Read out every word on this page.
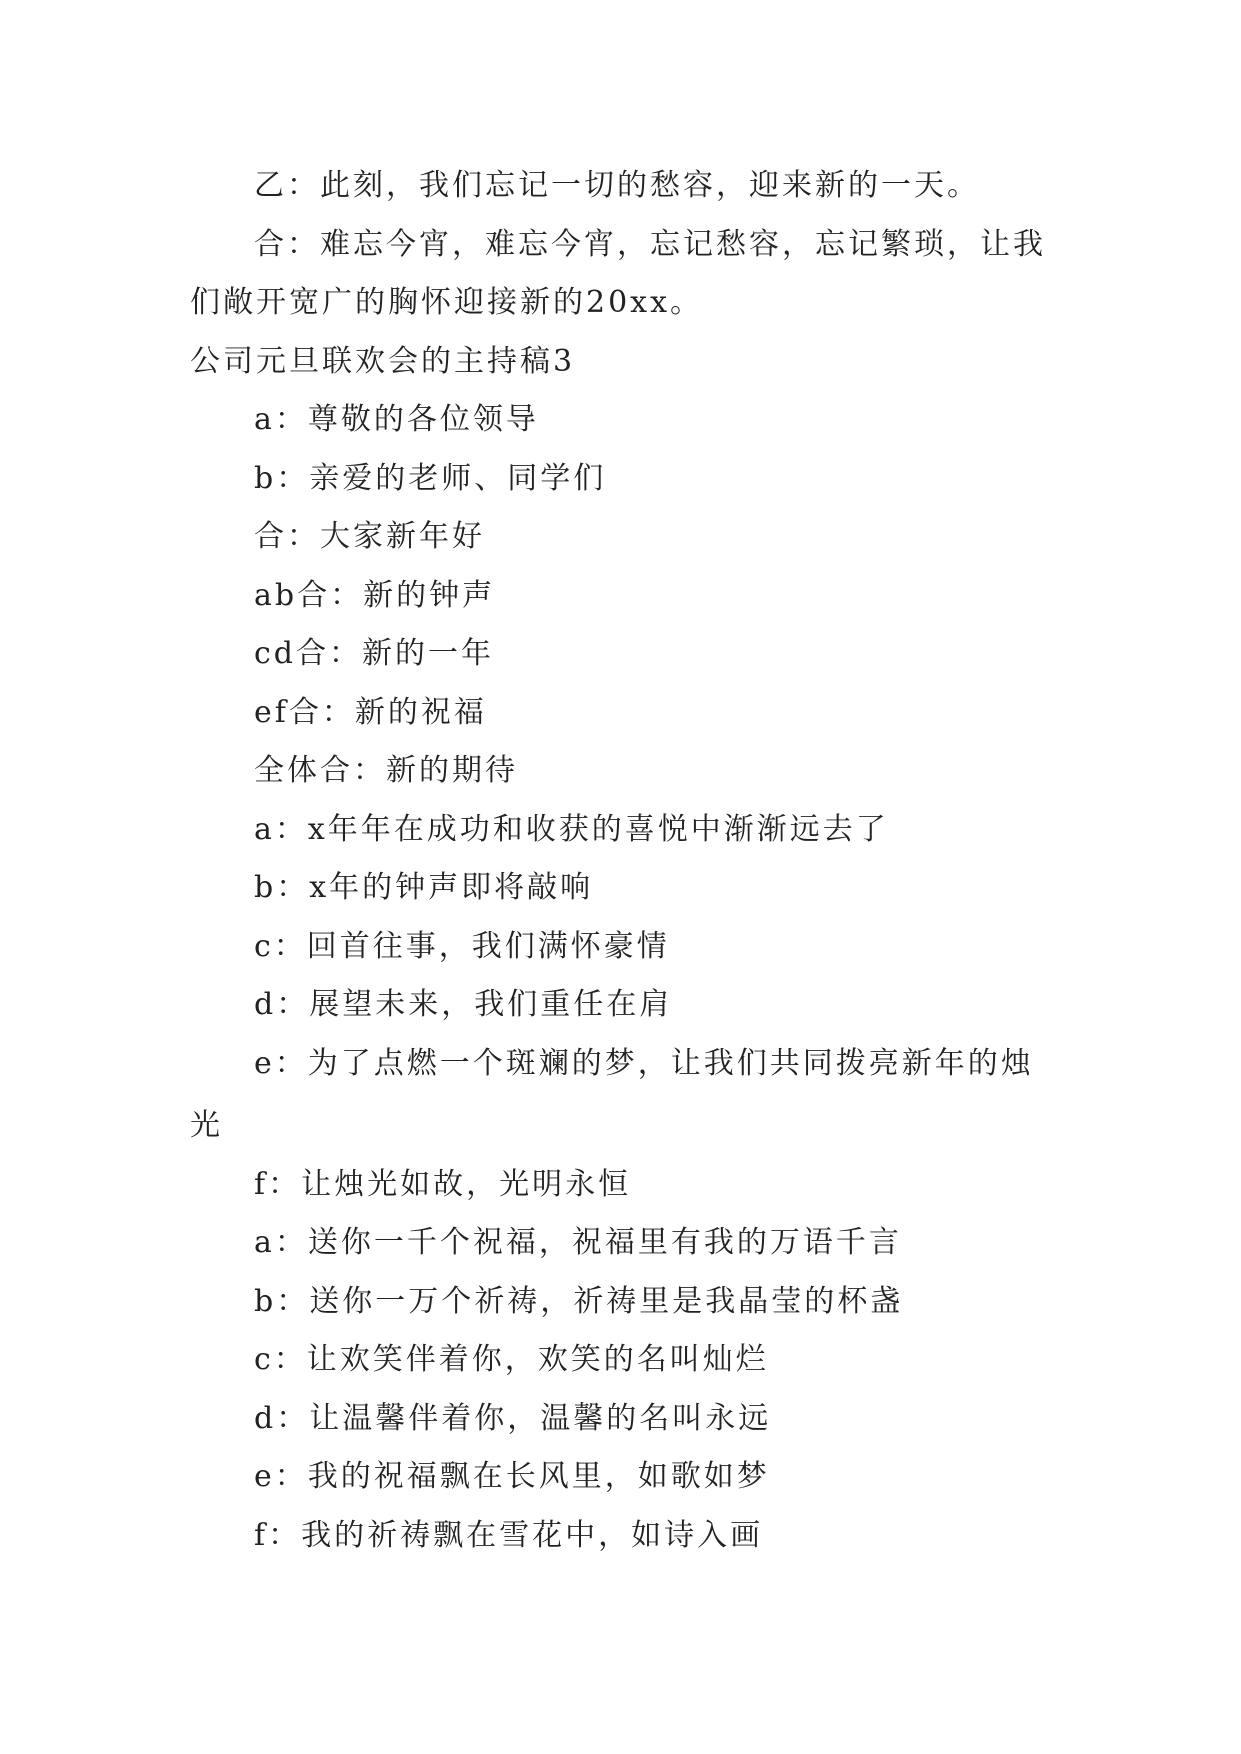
乙：此刻，我们忘记一切的愁容，迎来新的一天。

合：难忘今宵，难忘今宵，忘记愁容，忘记繁琐，让我

们敞开宽广的胸怀迎接新的20xx。

公司元旦联欢会的主持稿3

a：尊敬的各位领导

b：亲爱的老师、同学们

合：大家新年好

ab合：新的钟声

cd合：新的一年

ef合：新的祝福

全体合：新的期待

a：x年年在成功和收获的喜悦中渐渐远去了

b：x年的钟声即将敲响

c：回首往事，我们满怀豪情

d：展望未来，我们重任在肩

e：为了点燃一个斑斓的梦，让我们共同拨亮新年的烛

光

f：让烛光如故，光明永恒

a：送你一千个祝福，祝福里有我的万语千言

b：送你一万个祈祷，祈祷里是我晶莹的杯盏

c：让欢笑伴着你，欢笑的名叫灿烂

d：让温馨伴着你，温馨的名叫永远

e：我的祝福飘在长风里，如歌如梦

f：我的祈祷飘在雪花中，如诗入画
